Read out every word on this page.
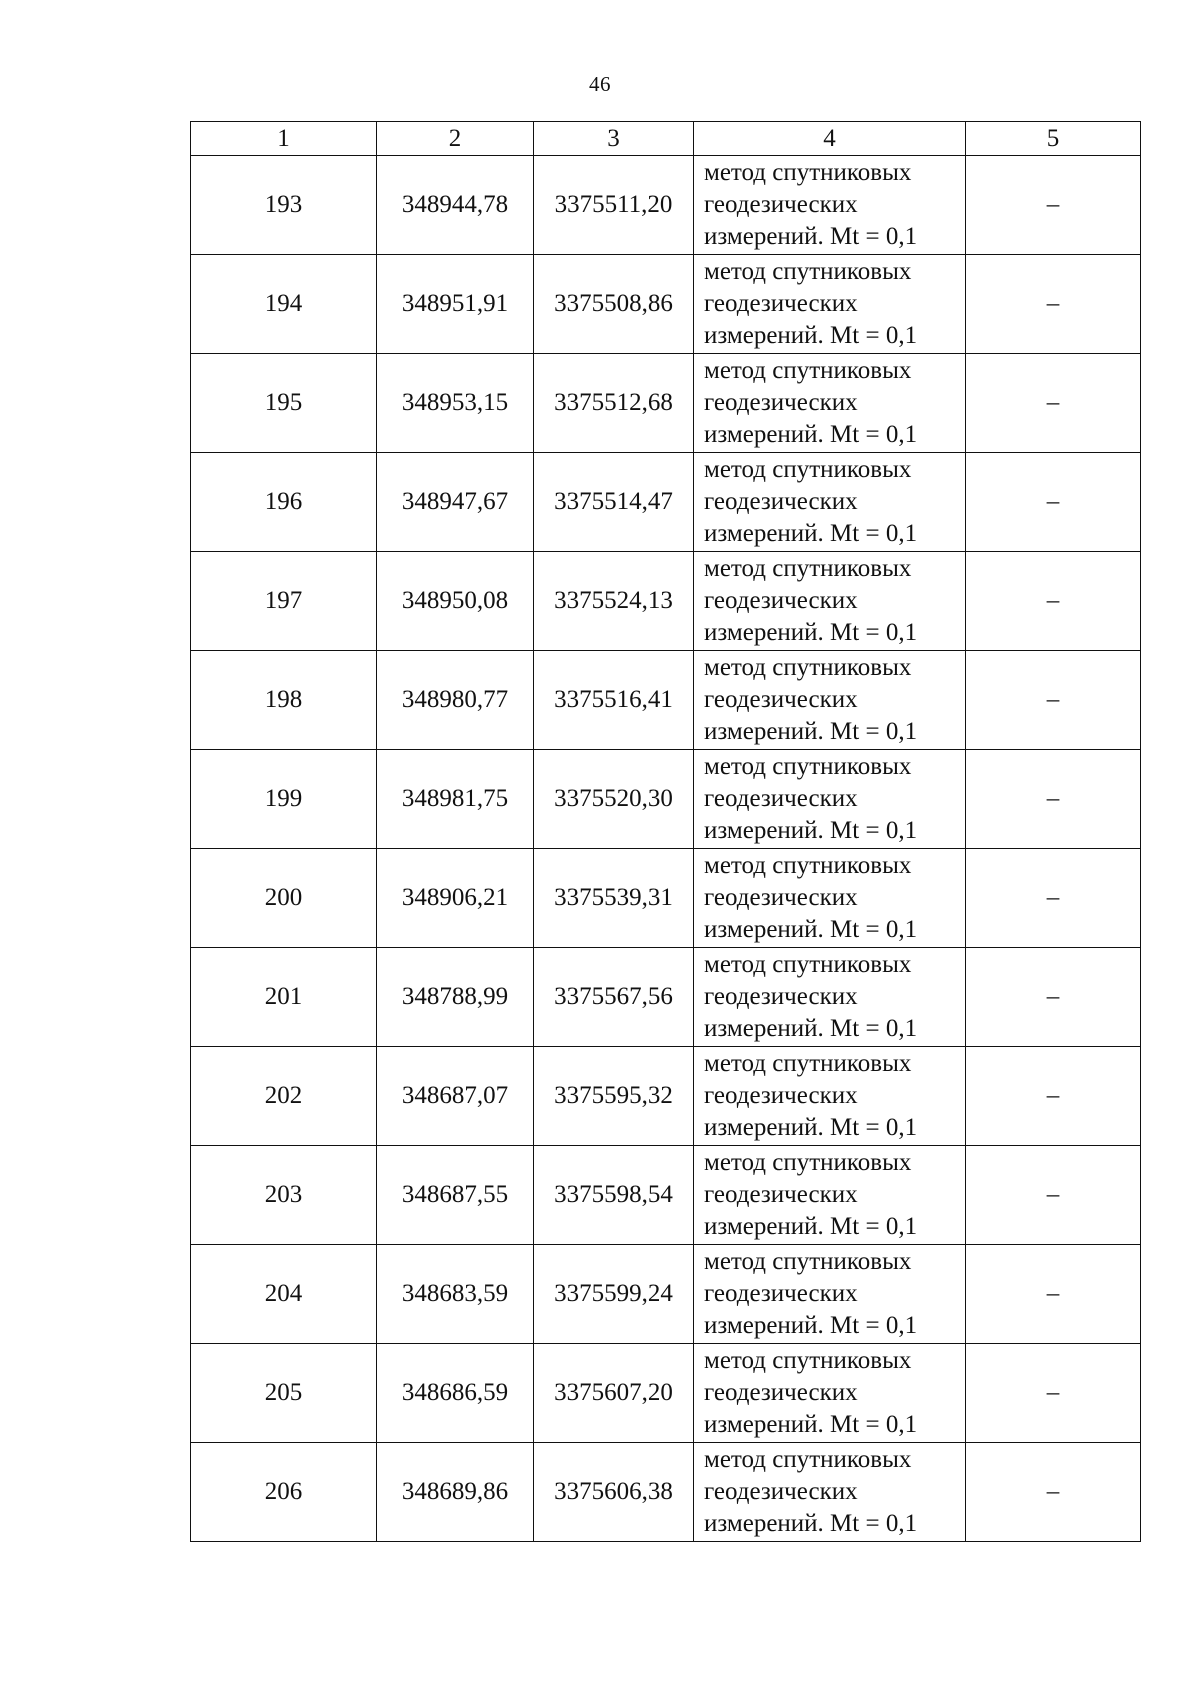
46
1	2	3	4	5
193	348944,78	3375511,20	метод спутниковых
геодезических
измерений. Mt = 0,1	–
194	348951,91	3375508,86	метод спутниковых
геодезических
измерений. Mt = 0,1	–
195	348953,15	3375512,68	метод спутниковых
геодезических
измерений. Mt = 0,1	–
196	348947,67	3375514,47	метод спутниковых
геодезических
измерений. Mt = 0,1	–
197	348950,08	3375524,13	метод спутниковых
геодезических
измерений. Mt = 0,1	–
198	348980,77	3375516,41	метод спутниковых
геодезических
измерений. Mt = 0,1	–
199	348981,75	3375520,30	метод спутниковых
геодезических
измерений. Mt = 0,1	–
200	348906,21	3375539,31	метод спутниковых
геодезических
измерений. Mt = 0,1	–
201	348788,99	3375567,56	метод спутниковых
геодезических
измерений. Mt = 0,1	–
202	348687,07	3375595,32	метод спутниковых
геодезических
измерений. Mt = 0,1	–
203	348687,55	3375598,54	метод спутниковых
геодезических
измерений. Mt = 0,1	–
204	348683,59	3375599,24	метод спутниковых
геодезических
измерений. Mt = 0,1	–
205	348686,59	3375607,20	метод спутниковых
геодезических
измерений. Mt = 0,1	–
206	348689,86	3375606,38	метод спутниковых
геодезических
измерений. Mt = 0,1	–
